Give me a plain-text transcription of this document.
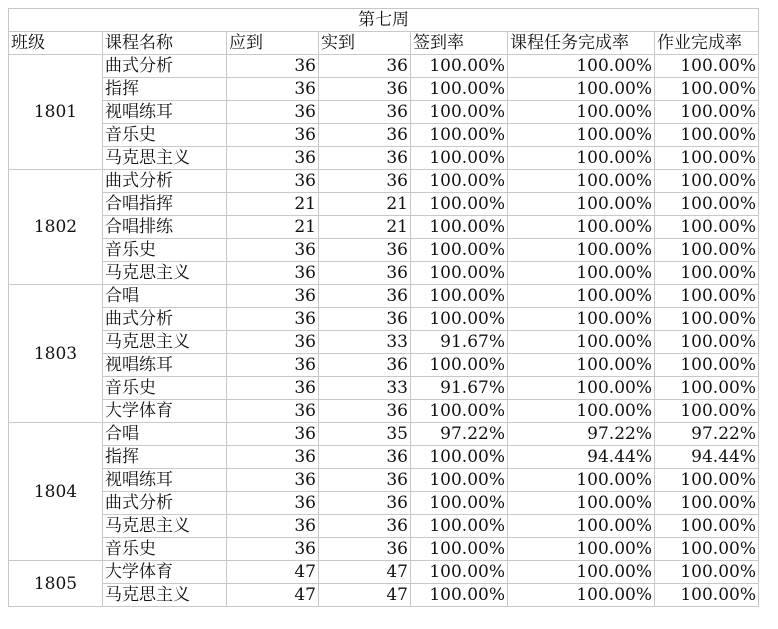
第七周						
班级	课程名称	应到	实到	签到率	课程任务完成率	作业完成率
1801	曲式分析	36	36	100.00%	100.00%	100.00%
	指挥	36	36	100.00%	100.00%	100.00%
	视唱练耳	36	36	100.00%	100.00%	100.00%
	音乐史	36	36	100.00%	100.00%	100.00%
	马克思主义	36	36	100.00%	100.00%	100.00%
1802	曲式分析	36	36	100.00%	100.00%	100.00%
	合唱指挥	21	21	100.00%	100.00%	100.00%
	合唱排练	21	21	100.00%	100.00%	100.00%
	音乐史	36	36	100.00%	100.00%	100.00%
	马克思主义	36	36	100.00%	100.00%	100.00%
1803	合唱	36	36	100.00%	100.00%	100.00%
	曲式分析	36	36	100.00%	100.00%	100.00%
	马克思主义	36	33	91.67%	100.00%	100.00%
	视唱练耳	36	36	100.00%	100.00%	100.00%
	音乐史	36	33	91.67%	100.00%	100.00%
	大学体育	36	36	100.00%	100.00%	100.00%
1804	合唱	36	35	97.22%	97.22%	97.22%
	指挥	36	36	100.00%	94.44%	94.44%
	视唱练耳	36	36	100.00%	100.00%	100.00%
	曲式分析	36	36	100.00%	100.00%	100.00%
	马克思主义	36	36	100.00%	100.00%	100.00%
	音乐史	36	36	100.00%	100.00%	100.00%
1805	大学体育	47	47	100.00%	100.00%	100.00%
	马克思主义	47	47	100.00%	100.00%	100.00%
